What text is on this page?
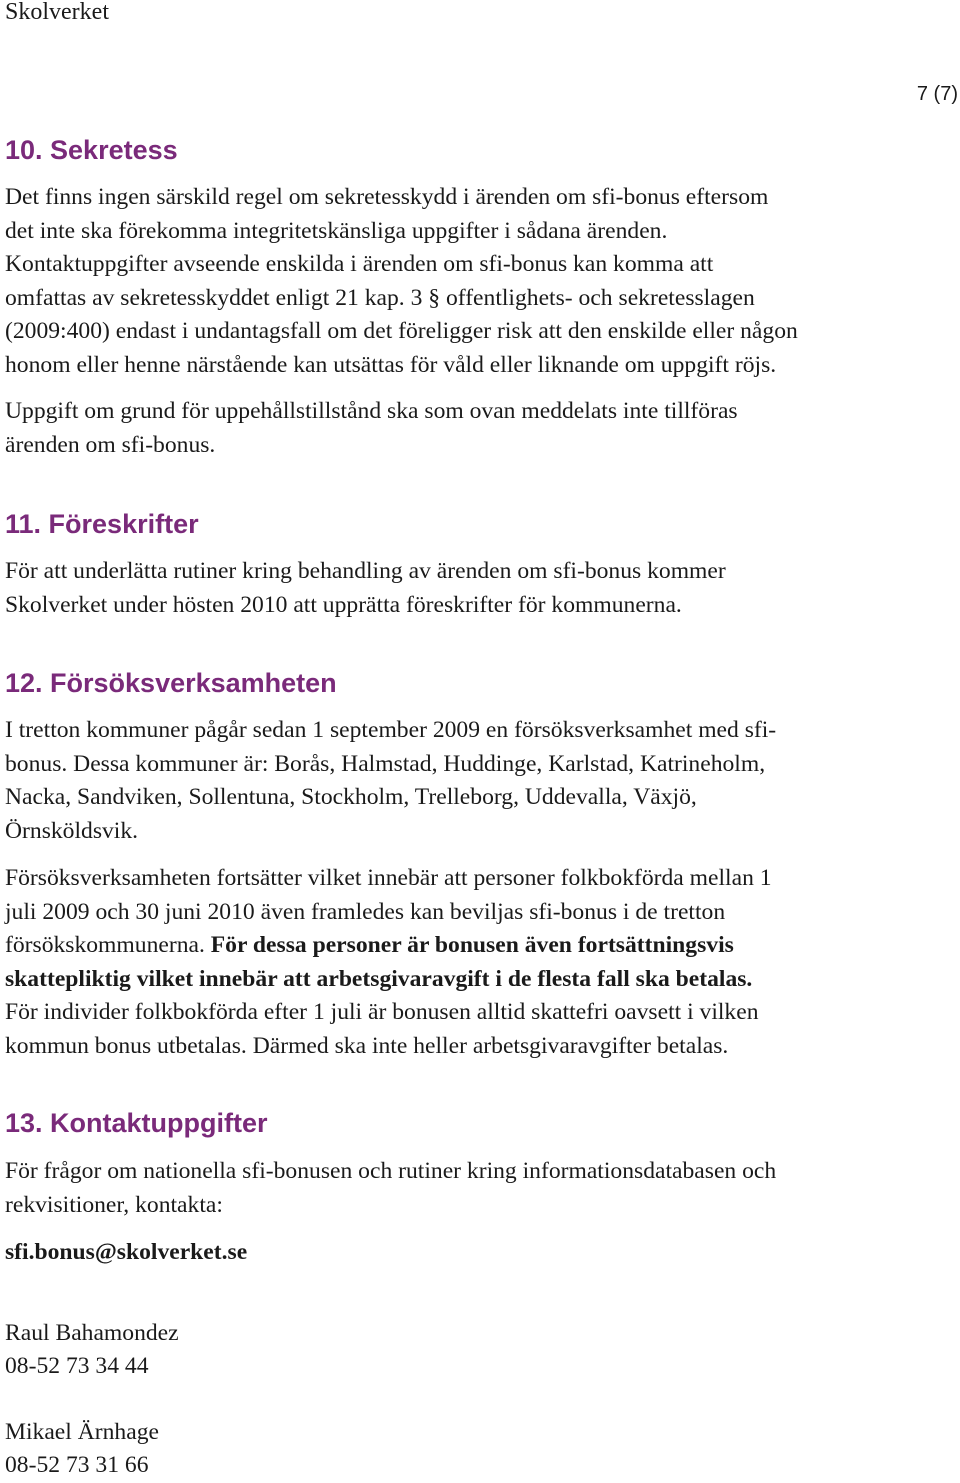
Skolverket
7 (7)
10. Sekretess

Det finns ingen särskild regel om sekretesskydd i ärenden om sfi-bonus eftersom
det inte ska förekomma integritetskänsliga uppgifter i sådana ärenden.
Kontaktuppgifter avseende enskilda i ärenden om sfi-bonus kan komma att
omfattas av sekretesskyddet enligt 21 kap. 3 § offentlighets- och sekretesslagen
(2009:400) endast i undantagsfall om det föreligger risk att den enskilde eller någon
honom eller henne närstående kan utsättas för våld eller liknande om uppgift röjs.

Uppgift om grund för uppehållstillstånd ska som ovan meddelats inte tillföras
ärenden om sfi-bonus.

11. Föreskrifter

För att underlätta rutiner kring behandling av ärenden om sfi-bonus kommer
Skolverket under hösten 2010 att upprätta föreskrifter för kommunerna.

12. Försöksverksamheten

I tretton kommuner pågår sedan 1 september 2009 en försöksverksamhet med sfi-
bonus. Dessa kommuner är: Borås, Halmstad, Huddinge, Karlstad, Katrineholm,
Nacka, Sandviken, Sollentuna, Stockholm, Trelleborg, Uddevalla, Växjö,
Örnsköldsvik.

Försöksverksamheten fortsätter vilket innebär att personer folkbokförda mellan 1
juli 2009 och 30 juni 2010 även framledes kan beviljas sfi-bonus i de tretton
försökskommunerna. För dessa personer är bonusen även fortsättningsvis
skattepliktig vilket innebär att arbetsgivaravgift i de flesta fall ska betalas.
För individer folkbokförda efter 1 juli är bonusen alltid skattefri oavsett i vilken
kommun bonus utbetalas. Därmed ska inte heller arbetsgivaravgifter betalas.

13. Kontaktuppgifter

För frågor om nationella sfi-bonusen och rutiner kring informationsdatabasen och
rekvisitioner, kontakta:

sfi.bonus@skolverket.se

Raul Bahamondez

08-52 73 34 44

Mikael Ärnhage

08-52 73 31 66
